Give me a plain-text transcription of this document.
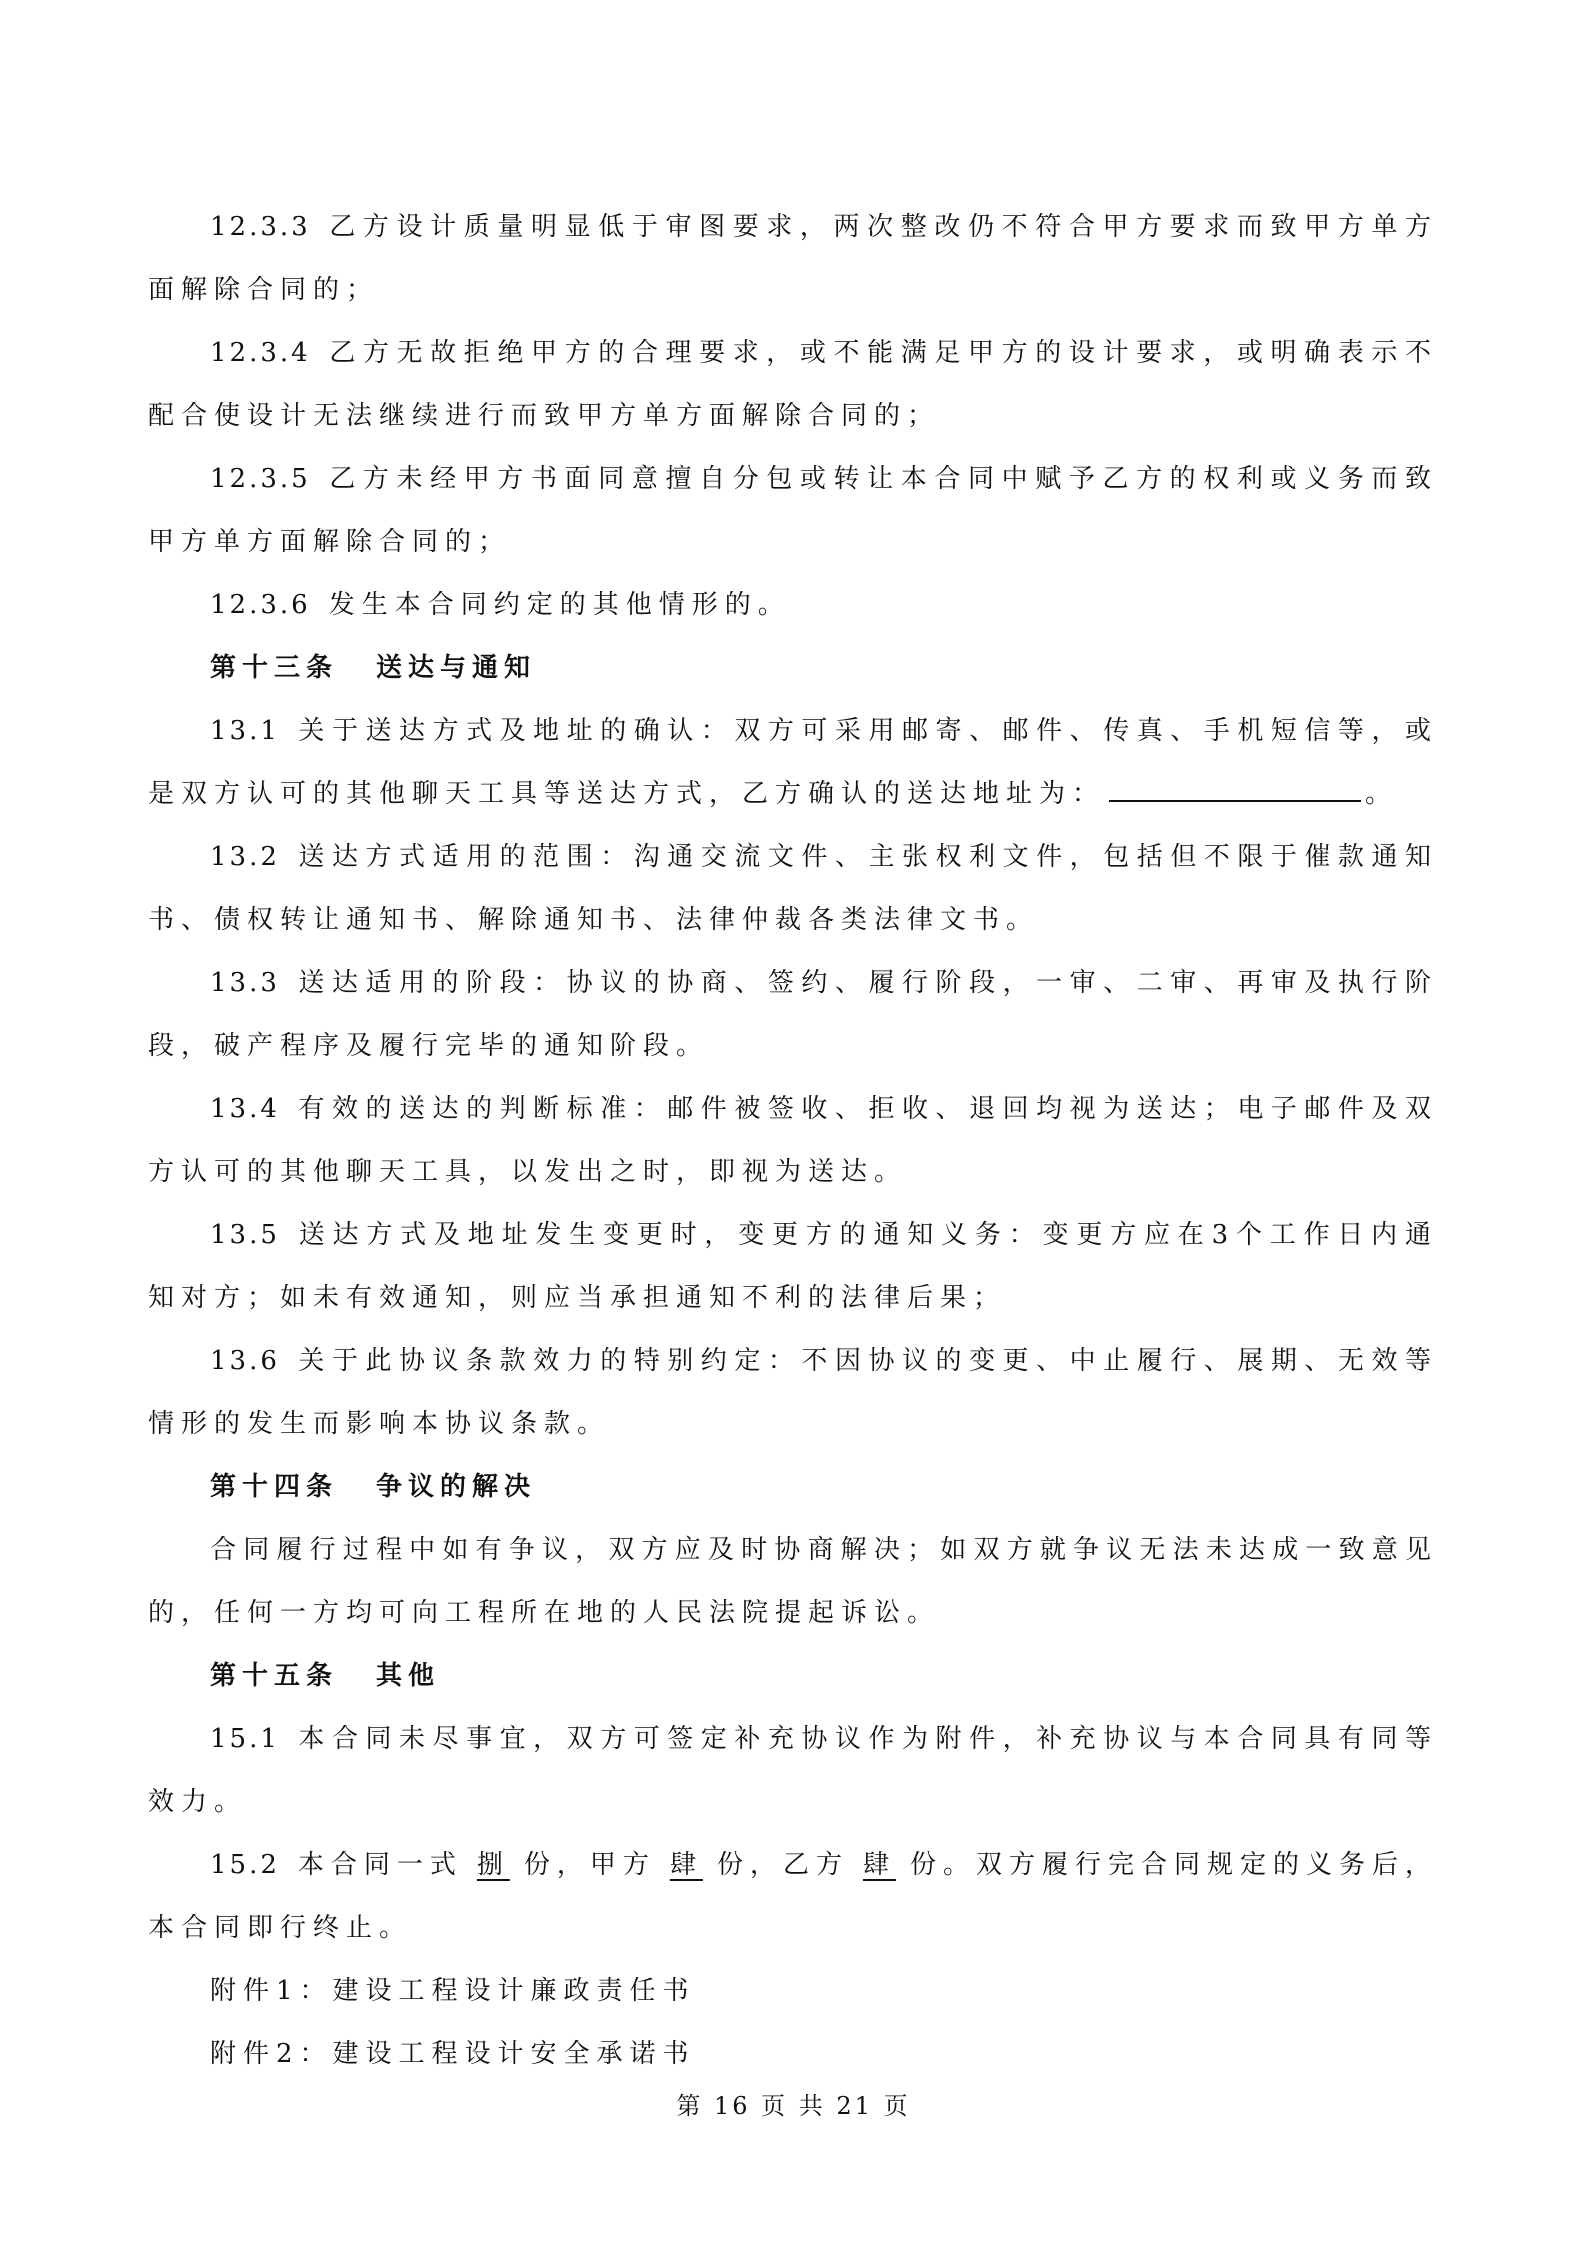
12.3.3 乙方设计质量明显低于审图要求，两次整改仍不符合甲方要求而致甲方单方面解除合同的；

12.3.4 乙方无故拒绝甲方的合理要求，或不能满足甲方的设计要求，或明确表示不配合使设计无法继续进行而致甲方单方面解除合同的；

12.3.5 乙方未经甲方书面同意擅自分包或转让本合同中赋予乙方的权利或义务而致甲方单方面解除合同的；

12.3.6 发生本合同约定的其他情形的。

第十三条 送达与通知

13.1 关于送达方式及地址的确认：双方可采用邮寄、邮件、传真、手机短信等，或是双方认可的其他聊天工具等送达方式，乙方确认的送达地址为：	。

13.2 送达方式适用的范围：沟通交流文件、主张权利文件，包括但不限于催款通知书、债权转让通知书、解除通知书、法律仲裁各类法律文书。

13.3 送达适用的阶段：协议的协商、签约、履行阶段，一审、二审、再审及执行阶段，破产程序及履行完毕的通知阶段。

13.4 有效的送达的判断标准：邮件被签收、拒收、退回均视为送达；电子邮件及双方认可的其他聊天工具，以发出之时，即视为送达。

13.5 送达方式及地址发生变更时，变更方的通知义务：变更方应在3个工作日内通知对方；如未有效通知，则应当承担通知不利的法律后果；

13.6 关于此协议条款效力的特别约定：不因协议的变更、中止履行、展期、无效等情形的发生而影响本协议条款。

第十四条 争议的解决

合同履行过程中如有争议，双方应及时协商解决；如双方就争议无法未达成一致意见的，任何一方均可向工程所在地的人民法院提起诉讼。

第十五条 其他

15.1 本合同未尽事宜，双方可签定补充协议作为附件，补充协议与本合同具有同等效力。

15.2 本合同一式 捌 份，甲方 肆 份，乙方 肆 份。双方履行完合同规定的义务后，本合同即行终止。

附件1：建设工程设计廉政责任书

附件2：建设工程设计安全承诺书

第 16 页 共 21 页
